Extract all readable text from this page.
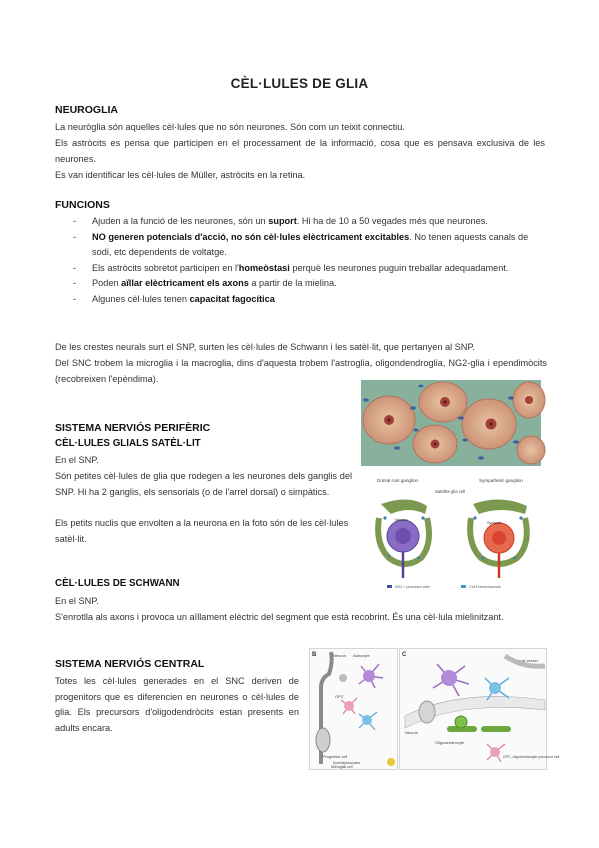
CÈL·LULES DE GLIA
NEUROGLIA
La neuròglia són aquelles cèl·lules que no són neurones. Són com un teixit connectiu.
Els astròcits es pensa que participen en el processament de la informació, cosa que es pensava exclusiva de les neurones.
Es van identificar les cèl·lules de Müller, astròcits en la retina.
FUNCIONS
- Ajuden a la funció de les neurones, són un suport. Hi ha de 10 a 50 vegades més que neurones.
- NO generen potencials d'acció, no són cèl·lules elèctricament excitables. No tenen aquests canals de sodi, etc dependents de voltatge.
- Els astròcits sobretot participen en l'homeòstasi perquè les neurones puguin treballar adequadament.
- Poden aïllar elèctricament els axons a partir de la mielina.
- Algunes cèl·lules tenen capacitat fagocítica
De les crestes neurals surt el SNP, surten les cèl·lules de Schwann i les satèl·lit, que pertanyen al SNP.
Del SNC trobem la microglia i la macroglia, dins d'aquesta trobem l'astroglia, oligondendroglia, NG2-glia i ependimòcits (recobreixen l'epèndima).
SISTEMA NERVIÓS PERIFÈRIC
CÈL·LULES GLIALS SATÈL·LIT
En el SNP.
Són petites cèl·lules de glia que rodegen a les neurones dels ganglis del SNP. Hi ha 2 ganglis, els sensorials (o de l'arrel dorsal) o simpàtics.
Els petits nuclis que envolten a la neurona en la foto són de les cèl·lules satèl·lit.
Dorsal root ganglion	Sympathetic ganglion
Satellite glia cell
Neuron
Synapse
NG2 + precursor cells	Cx43 hemichannels
CÈL·LULES DE SCHWANN
En el SNP.
S'enrotlla als axons i provoca un aïllament elèctric del segment que està recobrint. És una cèl·lula mielinitzant.
SISTEMA NERVIÓS CENTRAL
Totes les cèl·lules generades en el SNC deriven de progenitors que es diferencien en neurones o cèl·lules de glia. Els precursors d'oligodendròcits estan presents en adults encara.
B	C
Neuron Astrocyte
OPC
Progenitor cell
Ependymocytes
Microglial cell
Blood vessel
Neuron
Oligodendrocyte
OPC, oligodendrocyte precursor cell
